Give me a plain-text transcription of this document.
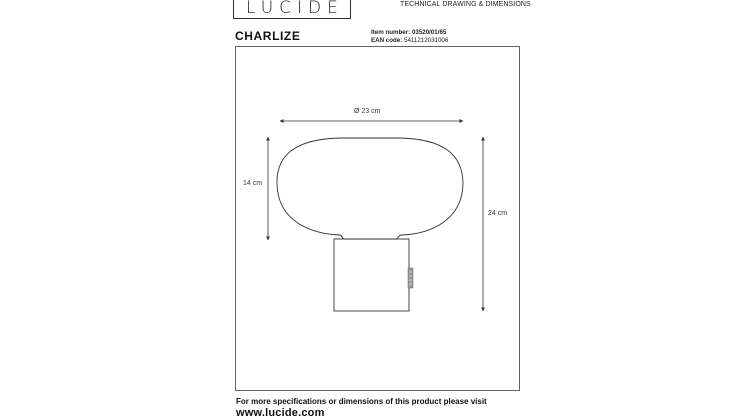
LUCIDE	TECHNICAL DRAWING & DIMENSIONS
CHARLIZE	Item number: 03520/01/65
EAN code: 5411212031006
Ø 23 cm
14 cm
24 cm
For more specifications or dimensions of this product please visit
www.lucide.com
